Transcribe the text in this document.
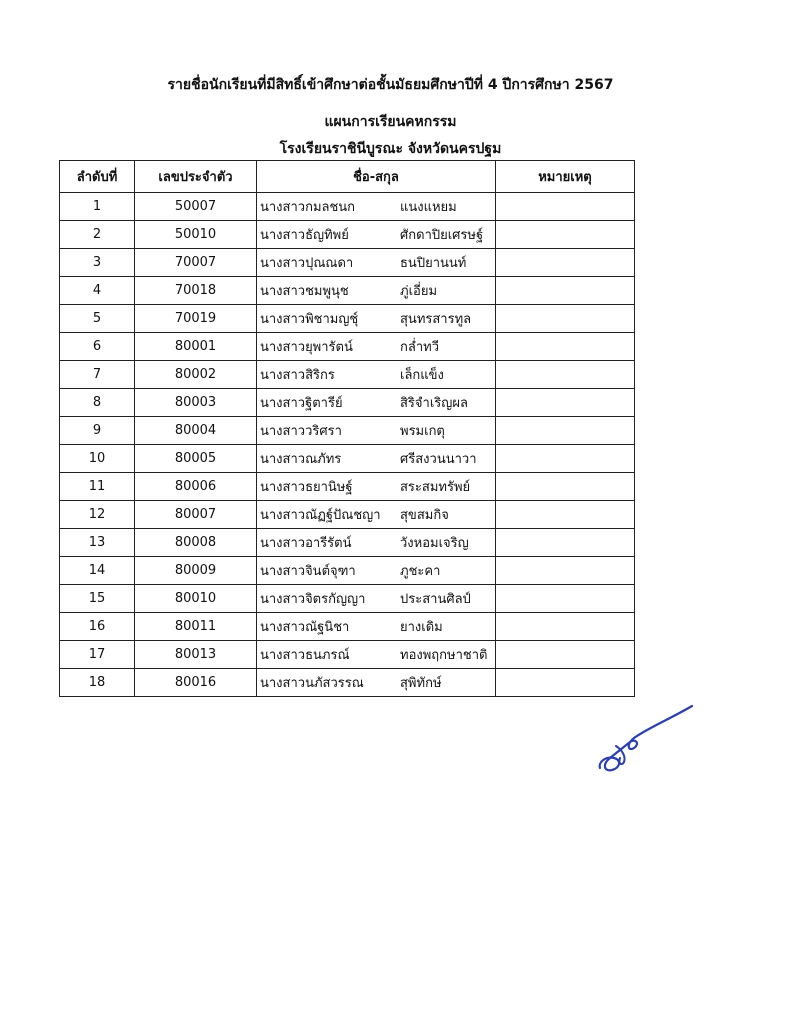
รายชื่อนักเรียนที่มีสิทธิ์เข้าศึกษาต่อชั้นมัธยมศึกษาปีที่ 4 ปีการศึกษา 2567
แผนการเรียนคหกรรม
โรงเรียนราชินีบูรณะ จังหวัดนครปฐม
ลำดับที่	เลขประจำตัว	ชื่อ-สกุล	หมายเหตุ
1	50007	นางสาวกมลชนก แนงแหยม	
2	50010	นางสาวธัญทิพย์ ศักดาปิยเศรษฐ์	
3	70007	นางสาวปุณณดา ธนปิยานนท์	
4	70018	นางสาวชมพูนุช ภู่เอี่ยม	
5	70019	นางสาวพิชามญชุ์ สุนทรสารทูล	
6	80001	นางสาวยุพารัตน์ กล่ำทวี	
7	80002	นางสาวสิริกร เล็กแข็ง	
8	80003	นางสาวฐิตารีย์ สิริจำเริญผล	
9	80004	นางสาววริศรา พรมเกตุ	
10	80005	นางสาวณภัทร ศรีสงวนนาวา	
11	80006	นางสาวธยานิษฐ์ สระสมทรัพย์	
12	80007	นางสาวณัฏฐ์ปัณชญา สุขสมกิจ	
13	80008	นางสาวอารีรัตน์ วังหอมเจริญ	
14	80009	นางสาวจินต์จุฑา ภูชะคา	
15	80010	นางสาวจิตรกัญญา ประสานศิลป์	
16	80011	นางสาวณัฐนิชา ยางเดิม	
17	80013	นางสาวธนภรณ์ ทองพฤกษาชาติ	
18	80016	นางสาวนภัสวรรณ สุพิทักษ์	
